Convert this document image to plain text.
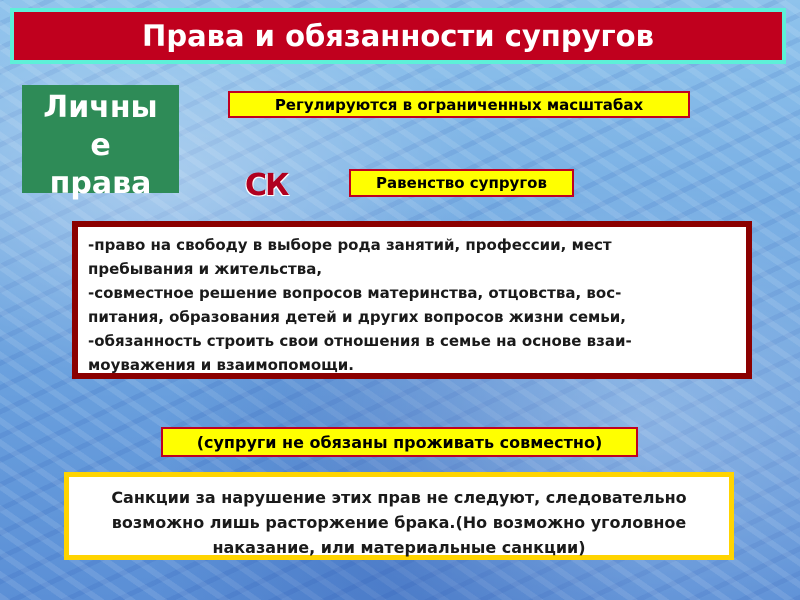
Права и обязанности супругов
Личны
е
права	СК
Регулируются в ограниченных масштабах
Равенство супругов

-право на свободу в выборе рода занятий, профессии, мест

пребывания и жительства,

-совместное решение вопросов материнства, отцовства, вос-

питания, образования детей и других вопросов жизни семьи,

-обязанность строить свои отношения в семье на основе взаи-

моуважения и взаимопомощи.

(супруги не обязаны проживать совместно)

Санкции за нарушение этих прав не следуют, следовательно

возможно лишь расторжение брака.(Но возможно уголовное

наказание, или материальные санкции)
